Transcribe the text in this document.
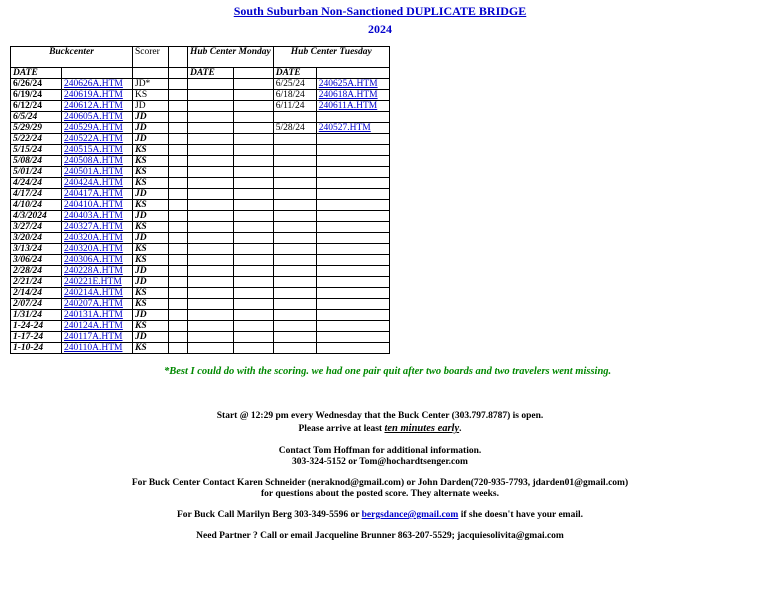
South Suburban Non-Sanctioned DUPLICATE BRIDGE
2024
Buckcenter		Scorer		Hub Center Monday		Hub Center Tuesday	
DATE				DATE		DATE	
6/26/24	240626A.HTM	JD*				6/25/24	240625A.HTM
6/19/24	240619A.HTM	KS				6/18/24	240618A.HTM
6/12/24	240612A.HTM	JD				6/11/24	240611A.HTM
6/5/24	240605A.HTM	JD					
5/29/29	240529A.HTM	JD				5/28/24	240527.HTM
5/22/24	240522A.HTM	JD					
5/15/24	240515A.HTM	KS					
5/08/24	240508A.HTM	KS					
5/01/24	240501A.HTM	KS					
4/24/24	240424A.HTM	KS					
4/17/24	240417A.HTM	JD					
4/10/24	240410A.HTM	KS					
4/3/2024	240403A.HTM	JD					
3/27/24	240327A.HTM	KS					
3/20/24	240320A.HTM	JD					
3/13/24	240320A.HTM	KS					
3/06/24	240306A.HTM	KS					
2/28/24	240228A.HTM	JD					
2/21/24	240221E.HTM	JD					
2/14/24	240214A.HTM	KS					
2/07/24	240207A.HTM	KS					
1/31/24	240131A.HTM	JD					
1-24-24	240124A.HTM	KS					
1-17-24	240117A.HTM	JD					
1-10-24	240110A.HTM	KS					
*Best I could do with the scoring. we had one pair quit after two boards and two travelers went missing.
Start @ 12:29 pm every Wednesday that the Buck Center (303.797.8787) is open.
Please arrive at least ten minutes early.
Contact Tom Hoffman for additional information.
303-324-5152 or Tom@hochardtsenger.com
For Buck Center Contact Karen Schneider (neraknod@gmail.com) or John Darden(720-935-7793, jdarden01@gmail.com)
for questions about the posted score. They alternate weeks.
For Buck Call Marilyn Berg 303-349-5596 or bergsdance@gmail.com if she doesn't have your email.
Need Partner ? Call or email Jacqueline Brunner 863-207-5529; jacquiesolivita@gmai.com
